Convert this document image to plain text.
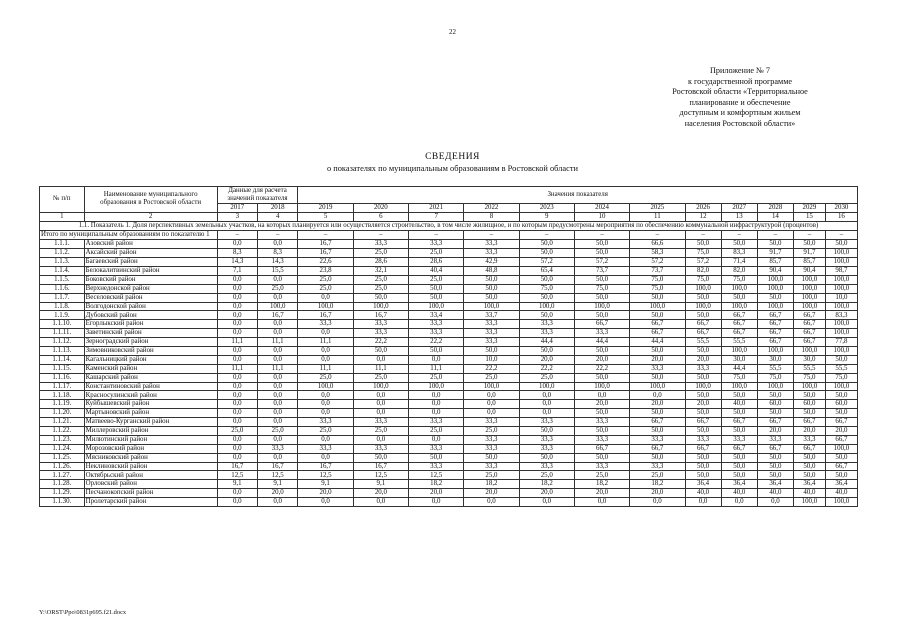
22
Приложение № 7
к государственной программе
Ростовской области «Территориальное
планирование и обеспечение
доступным и комфортным жильем
населения Ростовской области»
СВЕДЕНИЯ
о показателях по муниципальным образованиям в Ростовской области
№ п/п	Наименование муниципального образования в Ростовской области	Данные для расчета значений показателя		Значения показателя											
		2017	2018	2019	2020	2021	2022	2023	2024	2025	2026	2027	2028	2029	2030
1	2	3	4	5	6	7	8	9	10	11	12	13	14	15	16
1.1. Показатель 1. Доля перспективных земельных участков, на которых планируется или осуществляется строительство, в том числе жилищное, и по которым предусмотрены мероприятия по обеспечению коммунальной инфраструктурой (процентов)															
Итого по муниципальным образованиям по показателю 1		–	–	–	–	–	–	–	–	–	–	–	–	–	–
1.1.1.	Азовский район	0,0	0,0	16,7	33,3	33,3	33,3	50,0	50,0	66,6	50,0	50,0	50,0	50,0	50,0
1.1.2.	Аксайский район	8,3	8,3	16,7	25,0	25,0	33,3	50,0	50,0	58,3	75,0	83,3	91,7	91,7	100,0
1.1.3.	Багаевский район	14,3	14,3	22,6	28,6	28,6	42,9	57,2	57,2	57,2	57,2	71,4	85,7	85,7	100,0
1.1.4.	Белокалитвинский район	7,1	15,5	23,8	32,1	40,4	48,8	65,4	73,7	73,7	82,0	82,0	90,4	90,4	98,7
1.1.5.	Боковский район	0,0	0,0	25,0	25,0	25,0	50,0	50,0	50,0	75,0	75,0	75,0	100,0	100,0	100,0
1.1.6.	Верхнедонской район	0,0	25,0	25,0	25,0	50,0	50,0	75,0	75,0	75,0	100,0	100,0	100,0	100,0	100,0
1.1.7.	Веселовский район	0,0	0,0	0,0	50,0	50,0	50,0	50,0	50,0	50,0	50,0	50,0	50,0	100,0	10,0
1.1.8.	Волгодонской район	0,0	100,0	100,0	100,0	100,0	100,0	100,0	100,0	100,0	100,0	100,0	100,0	100,0	100,0
1.1.9.	Дубовский район	0,0	16,7	16,7	16,7	33,4	33,7	50,0	50,0	50,0	50,0	66,7	66,7	66,7	83,3
1.1.10.	Егорлыкский район	0,0	0,0	33,3	33,3	33,3	33,3	33,3	66,7	66,7	66,7	66,7	66,7	66,7	100,0
1.1.11.	Заветинский район	0,0	0,0	0,0	33,3	33,3	33,3	33,3	33,3	66,7	66,7	66,7	66,7	66,7	100,0
1.1.12.	Зерноградский район	11,1	11,1	11,1	22,2	22,2	33,3	44,4	44,4	44,4	55,5	55,5	66,7	66,7	77,8
1.1.13.	Зимовниковский район	0,0	0,0	0,0	50,0	50,0	50,0	50,0	50,0	50,0	50,0	100,0	100,0	100,0	100,0
1.1.14.	Кагальницкий район	0,0	0,0	0,0	0,0	0,0	10,0	20,0	20,0	20,0	20,0	30,0	30,0	30,0	50,0
1.1.15.	Каменский район	11,1	11,1	11,1	11,1	11,1	22,2	22,2	22,2	33,3	33,3	44,4	55,5	55,5	55,5
1.1.16.	Кашарский район	0,0	0,0	25,0	25,0	25,0	25,0	25,0	50,0	50,0	50,0	75,0	75,0	75,0	75,0
1.1.17.	Константиновский район	0,0	0,0	100,0	100,0	100,0	100,0	100,0	100,0	100,0	100,0	100,0	100,0	100,0	100,0
1.1.18.	Красносулинский район	0,0	0,0	0,0	0,0	0,0	0,0	0,0	0,0	0,0	50,0	50,0	50,0	50,0	50,0
1.1.19.	Куйбышевский район	0,0	0,0	0,0	0,0	0,0	0,0	0,0	20,0	20,0	20,0	40,0	60,0	60,0	60,0
1.1.20.	Мартыновский район	0,0	0,0	0,0	0,0	0,0	0,0	0,0	50,0	50,0	50,0	50,0	50,0	50,0	50,0
1.1.21.	Матвеево-Курганский район	0,0	0,0	33,3	33,3	33,3	33,3	33,3	33,3	66,7	66,7	66,7	66,7	66,7	66,7
1.1.22.	Миллеровский район	25,0	25,0	25,0	25,0	25,0	25,0	50,0	50,0	50,0	50,0	50,0	20,0	20,0	20,0
1.1.23.	Милютинский район	0,0	0,0	0,0	0,0	0,0	33,3	33,3	33,3	33,3	33,3	33,3	33,3	33,3	66,7
1.1.24.	Морозовский район	0,0	33,3	33,3	33,3	33,3	33,3	33,3	66,7	66,7	66,7	66,7	66,7	66,7	100,0
1.1.25.	Мясниковский район	0,0	0,0	0,0	50,0	50,0	50,0	50,0	50,0	50,0	50,0	50,0	50,0	50,0	50,0
1.1.26.	Неклиновский район	16,7	16,7	16,7	16,7	33,3	33,3	33,3	33,3	33,3	50,0	50,0	50,0	50,0	66,7
1.1.27.	Октябрьский район	12,5	12,5	12,5	12,5	12,5	25,0	25,0	25,0	25,0	50,0	50,0	50,0	50,0	50,0
1.1.28.	Орловский район	9,1	9,1	9,1	9,1	18,2	18,2	18,2	18,2	18,2	36,4	36,4	36,4	36,4	36,4
1.1.29.	Песчанокопский район	0,0	20,0	20,0	20,0	20,0	20,0	20,0	20,0	20,0	40,0	40,0	40,0	40,0	40,0
1.1.30.	Пролетарский район	0,0	0,0	0,0	0,0	0,0	0,0	0,0	0,0	0,0	0,0	0,0	0,0	100,0	100,0
Y:\ORST\Ppo\0831p695.f21.docx
